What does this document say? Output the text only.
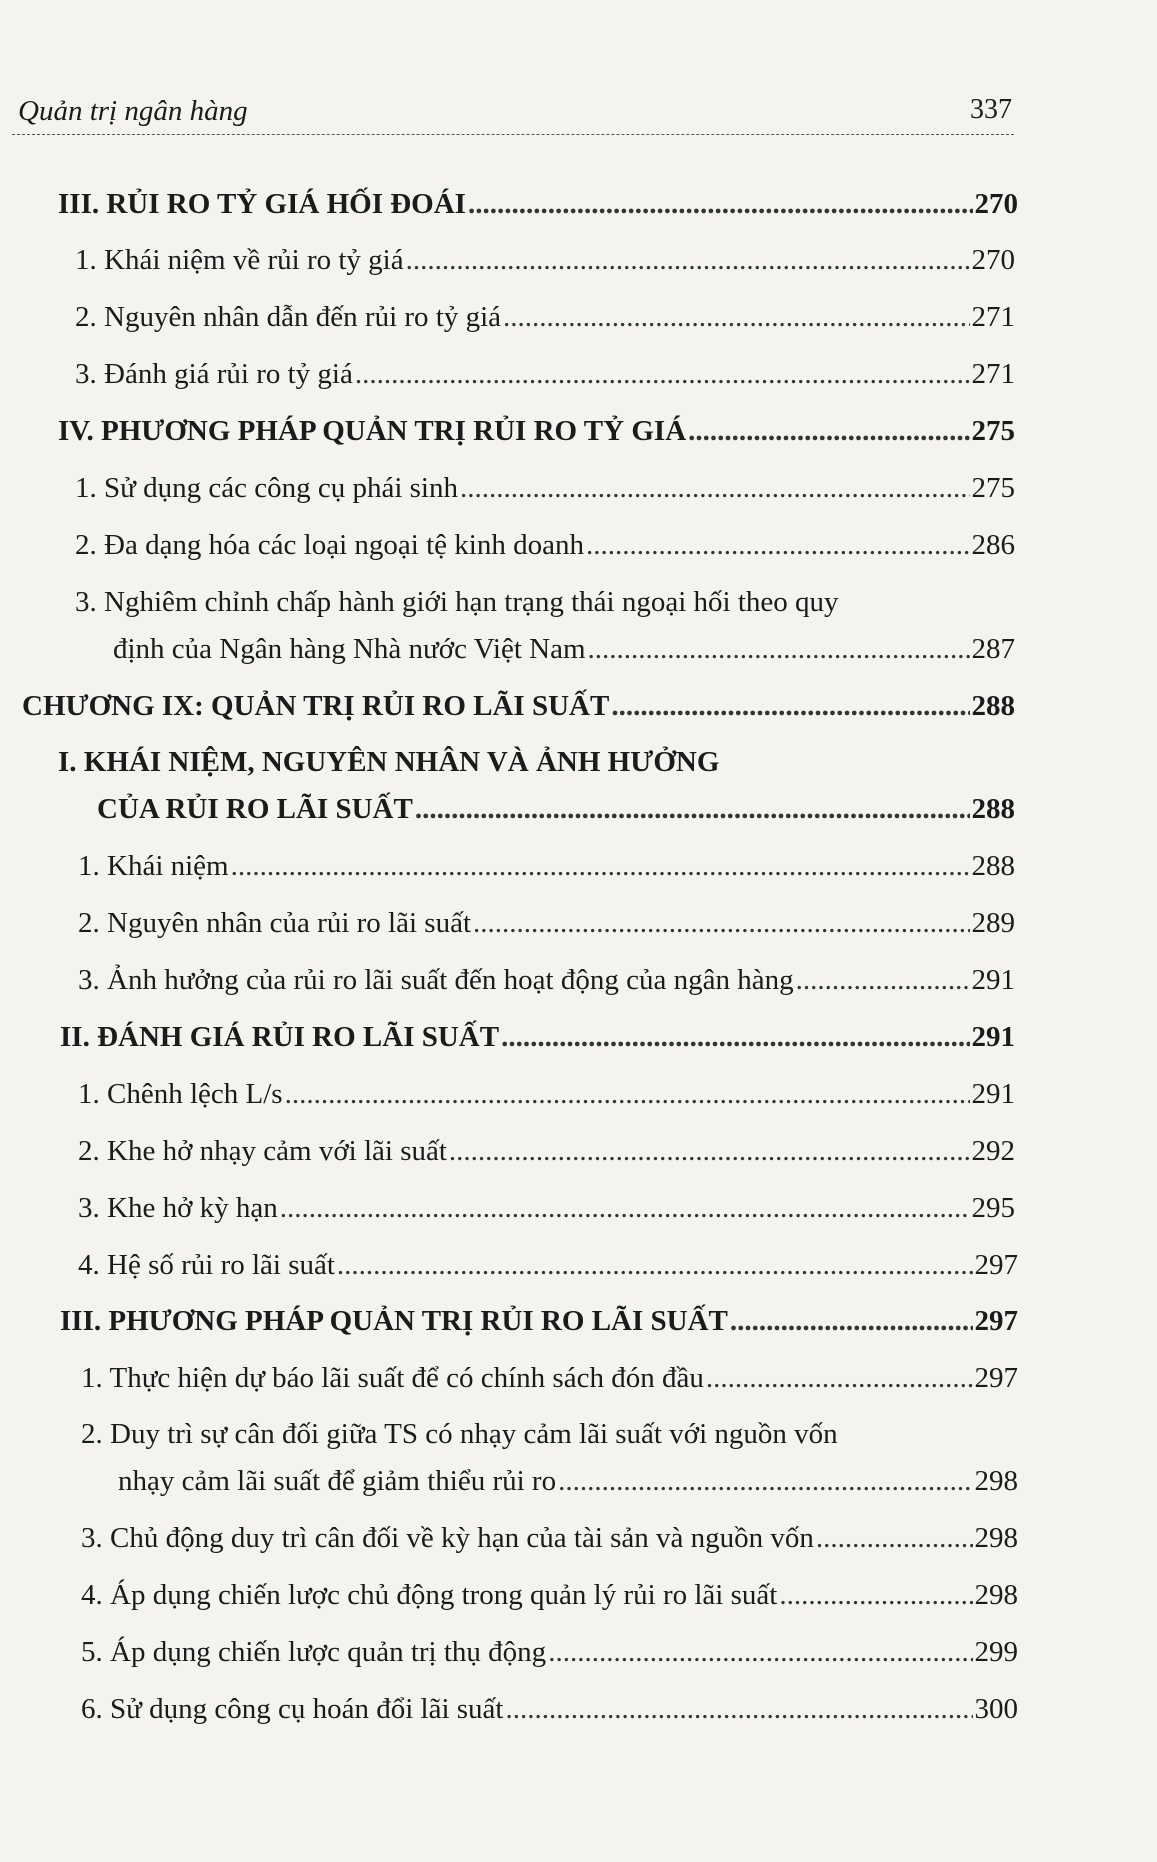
Quản trị ngân hàng	337
III. RỦI RO TỶ GIÁ HỐI ĐOÁI .....	270
1. Khái niệm về rủi ro tỷ giá .....	270
2. Nguyên nhân dẫn đến rủi ro tỷ giá .....	271
3. Đánh giá rủi ro tỷ giá .....	271
IV. PHƯƠNG PHÁP QUẢN TRỊ RỦI RO TỶ GIÁ .....	275
1. Sử dụng các công cụ phái sinh .....	275
2. Đa dạng hóa các loại ngoại tệ kinh doanh .....	286
3. Nghiêm chỉnh chấp hành giới hạn trạng thái ngoại hối theo quy
định của Ngân hàng Nhà nước Việt Nam .....	287
CHƯƠNG IX: QUẢN TRỊ RỦI RO LÃI SUẤT .....	288
I. KHÁI NIỆM, NGUYÊN NHÂN VÀ ẢNH HƯỞNG
CỦA RỦI RO LÃI SUẤT .....	288
1. Khái niệm .....	288
2. Nguyên nhân của rủi ro lãi suất .....	289
3. Ảnh hưởng của rủi ro lãi suất đến hoạt động của ngân hàng .....	291
II. ĐÁNH GIÁ RỦI RO LÃI SUẤT .....	291
1. Chênh lệch L/s .....	291
2. Khe hở nhạy cảm với lãi suất .....	292
3. Khe hở kỳ hạn .....	295
4. Hệ số rủi ro lãi suất .....	297
III. PHƯƠNG PHÁP QUẢN TRỊ RỦI RO LÃI SUẤT .....	297
1. Thực hiện dự báo lãi suất để có chính sách đón đầu .....	297
2. Duy trì sự cân đối giữa TS có nhạy cảm lãi suất với nguồn vốn
nhạy cảm lãi suất để giảm thiểu rủi ro .....	298
3. Chủ động duy trì cân đối về kỳ hạn của tài sản và nguồn vốn .....	298
4. Áp dụng chiến lược chủ động trong quản lý rủi ro lãi suất .....	298
5. Áp dụng chiến lược quản trị thụ động .....	299
6. Sử dụng công cụ hoán đổi lãi suất .....	300
